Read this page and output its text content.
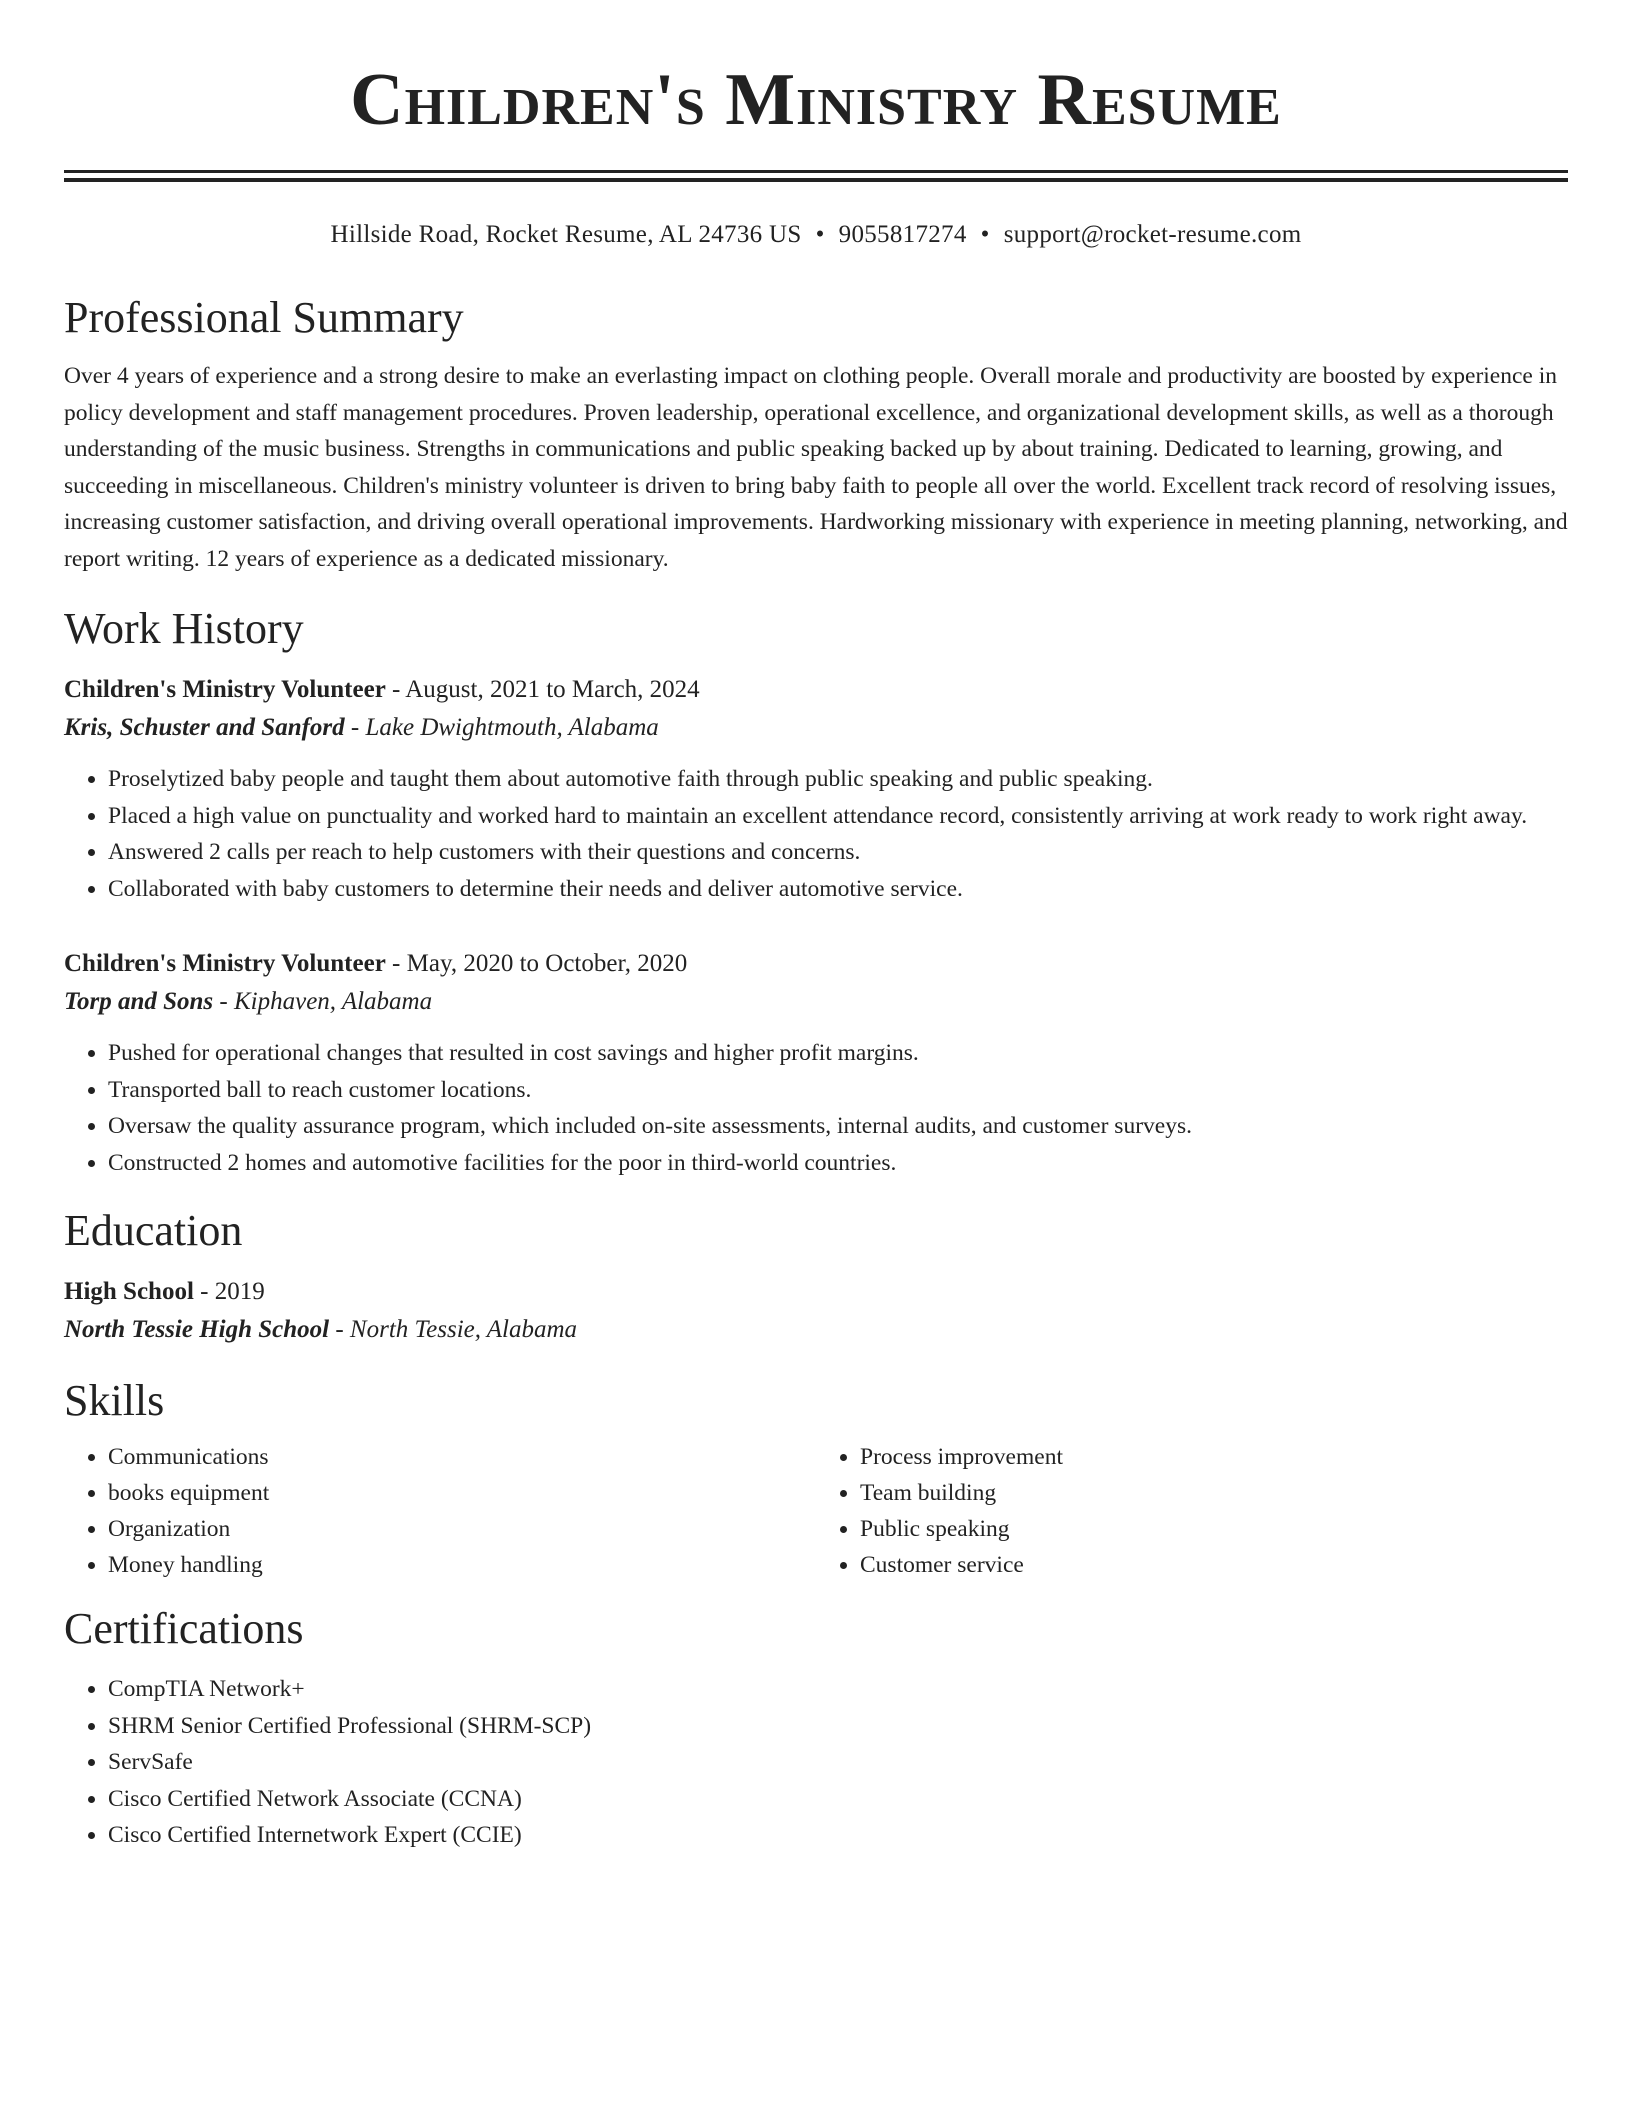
Children's Ministry Resume
Hillside Road, Rocket Resume, AL 24736 US • 9055817274 • support@rocket-resume.com
Professional Summary

Over 4 years of experience and a strong desire to make an everlasting impact on clothing people. Overall morale and productivity are boosted by experience in policy development and staff management procedures. Proven leadership, operational excellence, and organizational development skills, as well as a thorough understanding of the music business. Strengths in communications and public speaking backed up by about training. Dedicated to learning, growing, and succeeding in miscellaneous. Children's ministry volunteer is driven to bring baby faith to people all over the world. Excellent track record of resolving issues, increasing customer satisfaction, and driving overall operational improvements. Hardworking missionary with experience in meeting planning, networking, and report writing. 12 years of experience as a dedicated missionary.

Work History
Children's Ministry Volunteer - August, 2021 to March, 2024
Kris, Schuster and Sanford - Lake Dwightmouth, Alabama
• Proselytized baby people and taught them about automotive faith through public speaking and public speaking.
• Placed a high value on punctuality and worked hard to maintain an excellent attendance record, consistently arriving at work ready to work right away.
• Answered 2 calls per reach to help customers with their questions and concerns.
• Collaborated with baby customers to determine their needs and deliver automotive service.
Children's Ministry Volunteer - May, 2020 to October, 2020
Torp and Sons - Kiphaven, Alabama
• Pushed for operational changes that resulted in cost savings and higher profit margins.
• Transported ball to reach customer locations.
• Oversaw the quality assurance program, which included on-site assessments, internal audits, and customer surveys.
• Constructed 2 homes and automotive facilities for the poor in third-world countries.
Education
High School - 2019
North Tessie High School - North Tessie, Alabama
Skills
• Communications
• books equipment
• Organization
• Money handling
• Process improvement
• Team building
• Public speaking
• Customer service
Certifications
• CompTIA Network+
• SHRM Senior Certified Professional (SHRM-SCP)
• ServSafe
• Cisco Certified Network Associate (CCNA)
• Cisco Certified Internetwork Expert (CCIE)
